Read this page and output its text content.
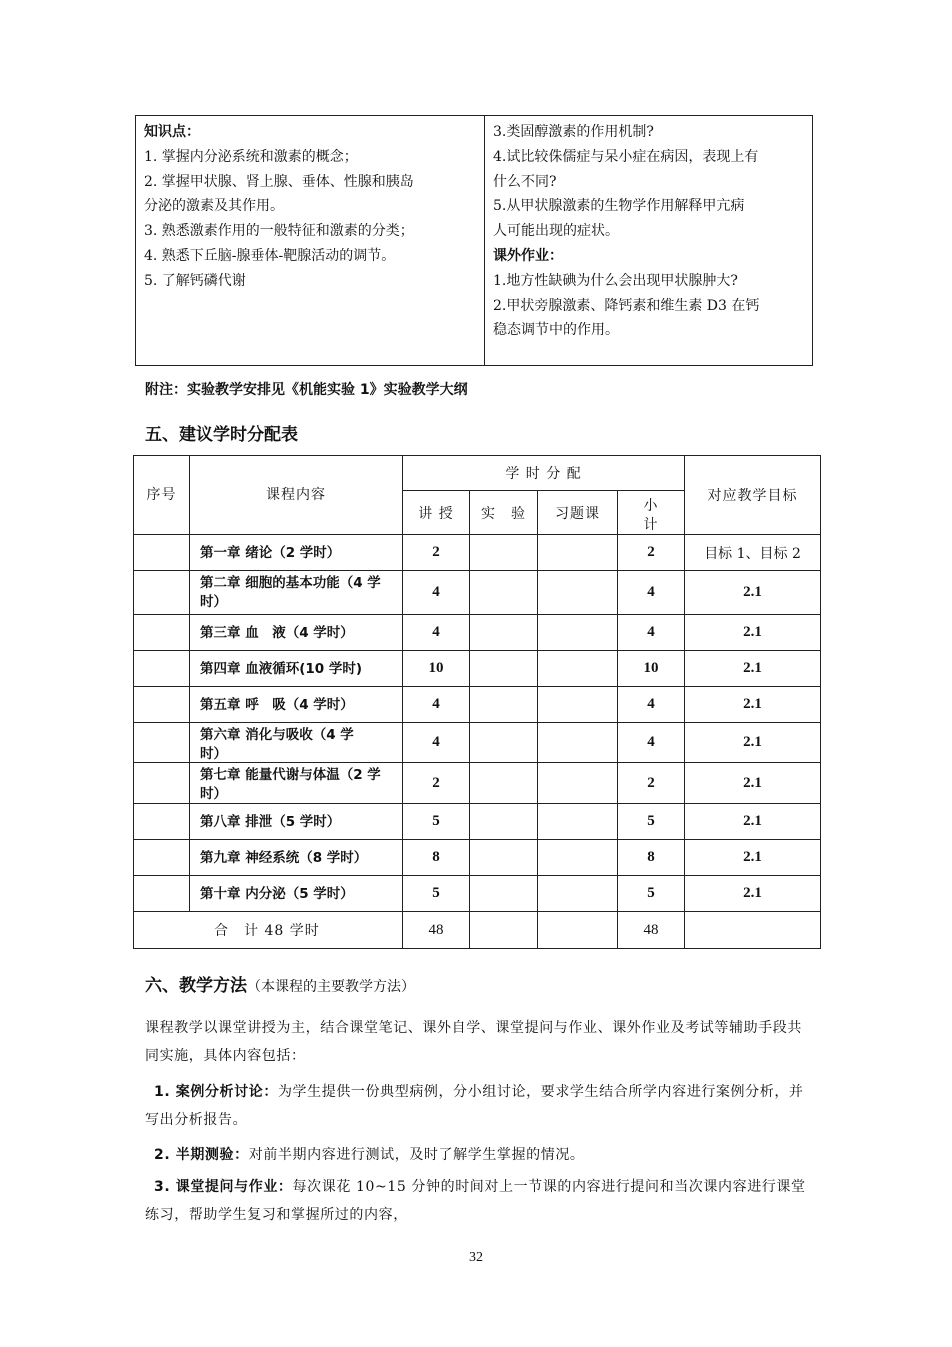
知识点：
1. 掌握内分泌系统和激素的概念；
2. 掌握甲状腺、肾上腺、垂体、性腺和胰岛
分泌的激素及其作用。
3. 熟悉激素作用的一般特征和激素的分类；
4. 熟悉下丘脑-腺垂体-靶腺活动的调节。
5. 了解钙磷代谢
3.类固醇激素的作用机制?
4.试比较侏儒症与呆小症在病因，表现上有
什么不同?
5.从甲状腺激素的生物学作用解释甲亢病
人可能出现的症状。
课外作业：
1.地方性缺碘为什么会出现甲状腺肿大?
2.甲状旁腺激素、降钙素和维生素 D3 在钙
稳态调节中的作用。
附注：实验教学安排见《机能实验 1》实验教学大纲
五、建议学时分配表
序号	课程内容	学 时 分 配				对应教学目标
		讲 授	实　验	习题课	小计	

	第一章 绪论（2 学时）	2			2	目标 1、目标 2

	第二章 细胞的基本功能（4 学时）	4			4	2.1
	第三章 血　液（4 学时）	4			4	2.1
	第四章 血液循环(10 学时)	10			10	2.1
	第五章 呼　吸（4 学时）	4			4	2.1

	第六章 消化与吸收（4 学时）	4			4	2.1

	第七章 能量代谢与体温（2 学时）	2			2	2.1
	第八章 排泄（5 学时）	5			5	2.1
	第九章 神经系统（8 学时）	8			8	2.1
	第十章 内分泌（5 学时）	5			5	2.1
合　计 48 学时		48			48	
六、教学方法（本课程的主要教学方法）
课程教学以课堂讲授为主，结合课堂笔记、课外自学、课堂提问与作业、课外作业及考试等辅助手段共同实施，具体内容包括：
1. 案例分析讨论：为学生提供一份典型病例，分小组讨论，要求学生结合所学内容进行案例分析，并写出分析报告。
2. 半期测验：对前半期内容进行测试，及时了解学生掌握的情况。
3. 课堂提问与作业：每次课花 10~15 分钟的时间对上一节课的内容进行提问和当次课内容进行课堂练习，帮助学生复习和掌握所过的内容，
32
